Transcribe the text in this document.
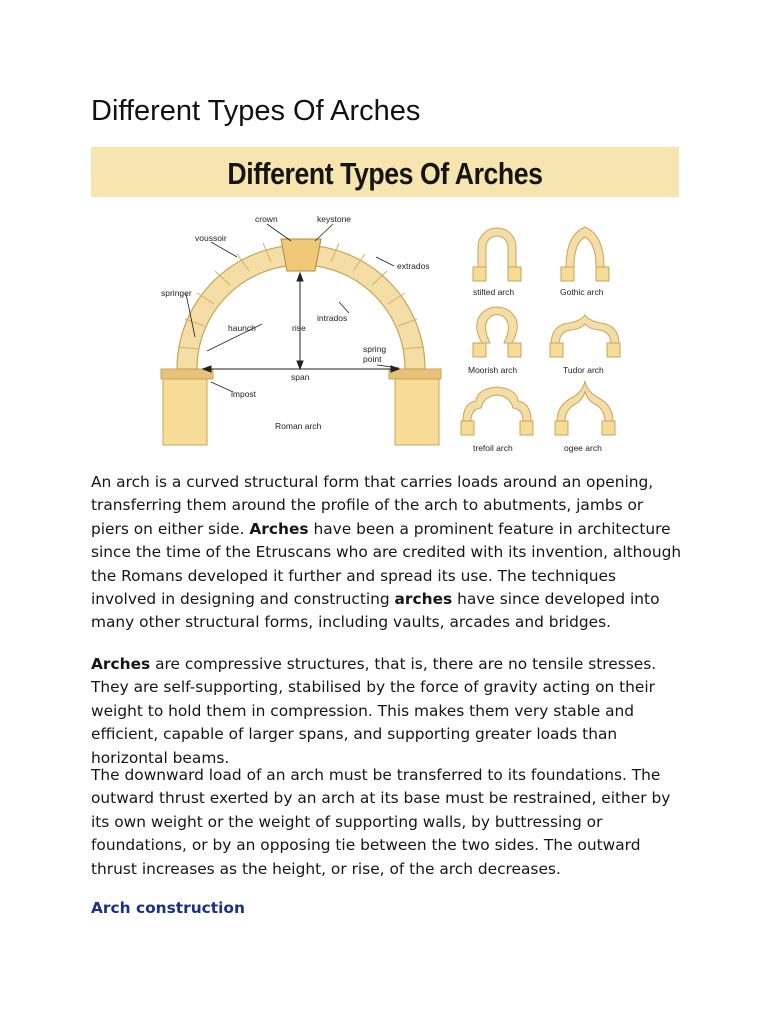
Different Types Of Arches
Different Types Of Arches
crown	keystone
voussoir
extrados
springer
intrados
haunch	rise
spring
point
span
impost
Roman arch
stilted arch	Gothic arch
Moorish arch	Tudor arch
trefoil arch	ogee arch

An arch is a curved structural form that carries loads around an opening, transferring them around the profile of the arch to abutments, jambs or piers on either side. Arches have been a prominent feature in architecture since the time of the Etruscans who are credited with its invention, although the Romans developed it further and spread its use. The techniques involved in designing and constructing arches have since developed into many other structural forms, including vaults, arcades and bridges.

Arches are compressive structures, that is, there are no tensile stresses. They are self-supporting, stabilised by the force of gravity acting on their weight to hold them in compression. This makes them very stable and efficient, capable of larger spans, and supporting greater loads than horizontal beams.

The downward load of an arch must be transferred to its foundations. The outward thrust exerted by an arch at its base must be restrained, either by its own weight or the weight of supporting walls, by buttressing or foundations, or by an opposing tie between the two sides. The outward thrust increases as the height, or rise, of the arch decreases.

Arch construction
